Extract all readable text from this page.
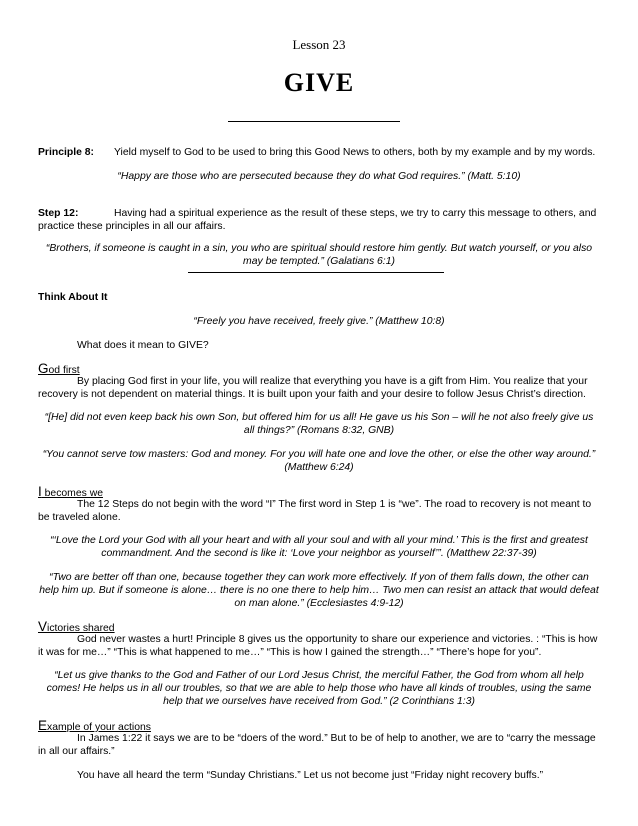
Lesson 23
GIVE
Principle 8: Yield myself to God to be used to bring this Good News to others, both by my example and by my words.
“Happy are those who are persecuted because they do what God requires.” (Matt. 5:10)
Step 12:	Having had a spiritual experience as the result of these steps, we try to carry this message to others, and
practice these principles in all our affairs.
“Brothers, if someone is caught in a sin, you who are spiritual should restore him gently. But watch yourself, or you also
may be tempted.” (Galatians 6:1)
Think About It
“Freely you have received, freely give.” (Matthew 10:8)
What does it mean to GIVE?
God first
By placing God first in your life, you will realize that everything you have is a gift from Him. You realize that your
recovery is not dependent on material things. It is built upon your faith and your desire to follow Jesus Christ’s direction.
“[He] did not even keep back his own Son, but offered him for us all! He gave us his Son – will he not also freely give us
all things?” (Romans 8:32, GNB)
“You cannot serve tow masters: God and money. For you will hate one and love the other, or else the other way around.”
(Matthew 6:24)
I becomes we
The 12 Steps do not begin with the word “I” The first word in Step 1 is “we”. The road to recovery is not meant to
be traveled alone.
“‘Love the Lord your God with all your heart and with all your soul and with all your mind.’ This is the first and greatest
commandment. And the second is like it: ‘Love your neighbor as yourself’”. (Matthew 22:37-39)
“Two are better off than one, because together they can work more effectively. If yon of them falls down, the other can
help him up. But if someone is alone… there is no one there to help him… Two men can resist an attack that would defeat
on man alone.” (Ecclesiastes 4:9-12)
Victories shared
God never wastes a hurt! Principle 8 gives us the opportunity to share our experience and victories. : “This is how
it was for me…” “This is what happened to me…” “This is how I gained the strength…” “There’s hope for you”.
“Let us give thanks to the God and Father of our Lord Jesus Christ, the merciful Father, the God from whom all help
comes! He helps us in all our troubles, so that we are able to help those who have all kinds of troubles, using the same
help that we ourselves have received from God.” (2 Corinthians 1:3)
Example of your actions
In James 1:22 it says we are to be “doers of the word.” But to be of help to another, we are to “carry the message
in all our affairs.”
You have all heard the term “Sunday Christians.” Let us not become just “Friday night recovery buffs.”
